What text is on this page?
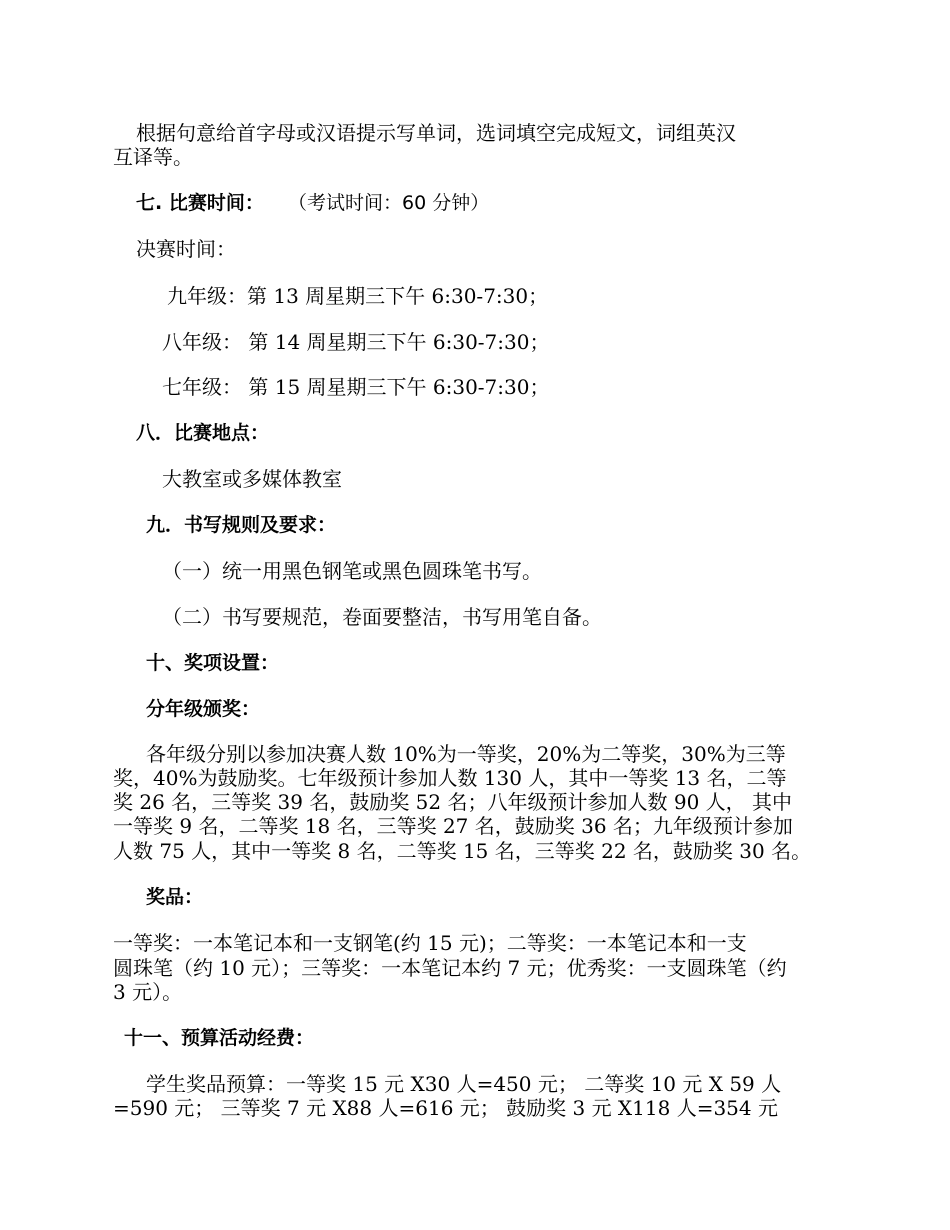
根据句意给首字母或汉语提示写单词，选词填空完成短文，词组英汉
互译等。
七. 比赛时间： （考试时间：60 分钟）
决赛时间：
九年级：第 13 周星期三下午 6:30-7:30；
八年级： 第 14 周星期三下午 6:30-7:30；
七年级： 第 15 周星期三下午 6:30-7:30；
八．比赛地点：
大教室或多媒体教室
九．书写规则及要求：
（一）统一用黑色钢笔或黑色圆珠笔书写。
（二）书写要规范，卷面要整洁，书写用笔自备。
十、奖项设置：
分年级颁奖：
各年级分别以参加决赛人数 10%为一等奖，20%为二等奖，30%为三等
奖，40%为鼓励奖。七年级预计参加人数 130 人，其中一等奖 13 名，二等
奖 26 名，三等奖 39 名，鼓励奖 52 名；八年级预计参加人数 90 人， 其中
一等奖 9 名，二等奖 18 名，三等奖 27 名，鼓励奖 36 名；九年级预计参加
人数 75 人，其中一等奖 8 名，二等奖 15 名，三等奖 22 名，鼓励奖 30 名。
奖品：
一等奖：一本笔记本和一支钢笔(约 15 元)；二等奖：一本笔记本和一支
圆珠笔（约 10 元）；三等奖：一本笔记本约 7 元；优秀奖：一支圆珠笔（约
3 元）。
十一、预算活动经费：
学生奖品预算：一等奖 15 元 X30 人=450 元； 二等奖 10 元 X 59 人
=590 元； 三等奖 7 元 X88 人=616 元； 鼓励奖 3 元 X118 人=354 元
